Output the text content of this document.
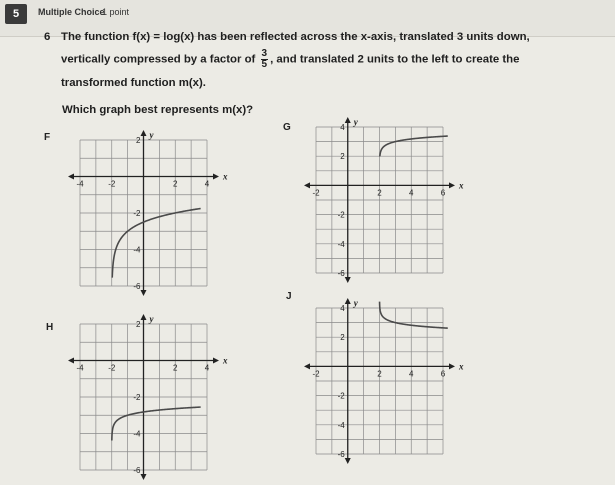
5	Multiple Choice
1 point
6 The function f(x) = log(x) has been reflected across the x-axis, translated 3 units down,
vertically compressed by a factor of $\frac{3}{5}$ , and translated 2 units to the left to create the
transformed function m(x).
Which graph best represents m(x)?
F
x
y
-4	-2	2	4
2
-2
-4
-6
G
x
y
-2	2	4	6
4
2
-2
-4
-6
H
x
y
-4	-2	2	4
2
-2
-4
-6
J
x
y
-2	2	4	6
4
2
-2
-4
-6
